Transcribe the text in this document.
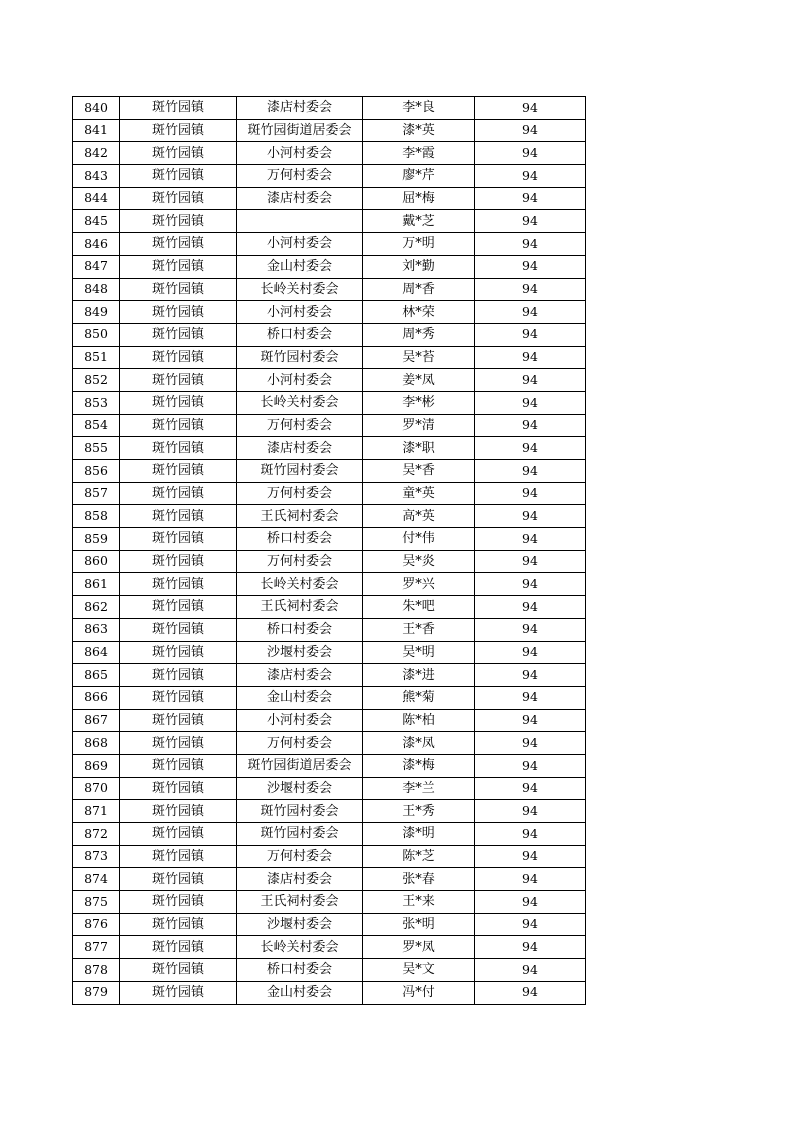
840	斑竹园镇	漆店村委会	李*良	94
841	斑竹园镇	斑竹园街道居委会	漆*英	94
842	斑竹园镇	小河村委会	李*霞	94
843	斑竹园镇	万何村委会	廖*芹	94
844	斑竹园镇	漆店村委会	屈*梅	94
845	斑竹园镇		戴*芝	94
846	斑竹园镇	小河村委会	万*明	94
847	斑竹园镇	金山村委会	刘*勤	94
848	斑竹园镇	长岭关村委会	周*香	94
849	斑竹园镇	小河村委会	林*荣	94
850	斑竹园镇	桥口村委会	周*秀	94
851	斑竹园镇	斑竹园村委会	吴*苔	94
852	斑竹园镇	小河村委会	姜*凤	94
853	斑竹园镇	长岭关村委会	李*彬	94
854	斑竹园镇	万何村委会	罗*清	94
855	斑竹园镇	漆店村委会	漆*职	94
856	斑竹园镇	斑竹园村委会	吴*香	94
857	斑竹园镇	万何村委会	童*英	94
858	斑竹园镇	王氏祠村委会	高*英	94
859	斑竹园镇	桥口村委会	付*伟	94
860	斑竹园镇	万何村委会	吴*炎	94
861	斑竹园镇	长岭关村委会	罗*兴	94
862	斑竹园镇	王氏祠村委会	朱*吧	94
863	斑竹园镇	桥口村委会	王*香	94
864	斑竹园镇	沙堰村委会	吴*明	94
865	斑竹园镇	漆店村委会	漆*进	94
866	斑竹园镇	金山村委会	熊*菊	94
867	斑竹园镇	小河村委会	陈*柏	94
868	斑竹园镇	万何村委会	漆*凤	94
869	斑竹园镇	斑竹园街道居委会	漆*梅	94
870	斑竹园镇	沙堰村委会	李*兰	94
871	斑竹园镇	斑竹园村委会	王*秀	94
872	斑竹园镇	斑竹园村委会	漆*明	94
873	斑竹园镇	万何村委会	陈*芝	94
874	斑竹园镇	漆店村委会	张*春	94
875	斑竹园镇	王氏祠村委会	王*来	94
876	斑竹园镇	沙堰村委会	张*明	94
877	斑竹园镇	长岭关村委会	罗*凤	94
878	斑竹园镇	桥口村委会	吴*文	94
879	斑竹园镇	金山村委会	冯*付	94
